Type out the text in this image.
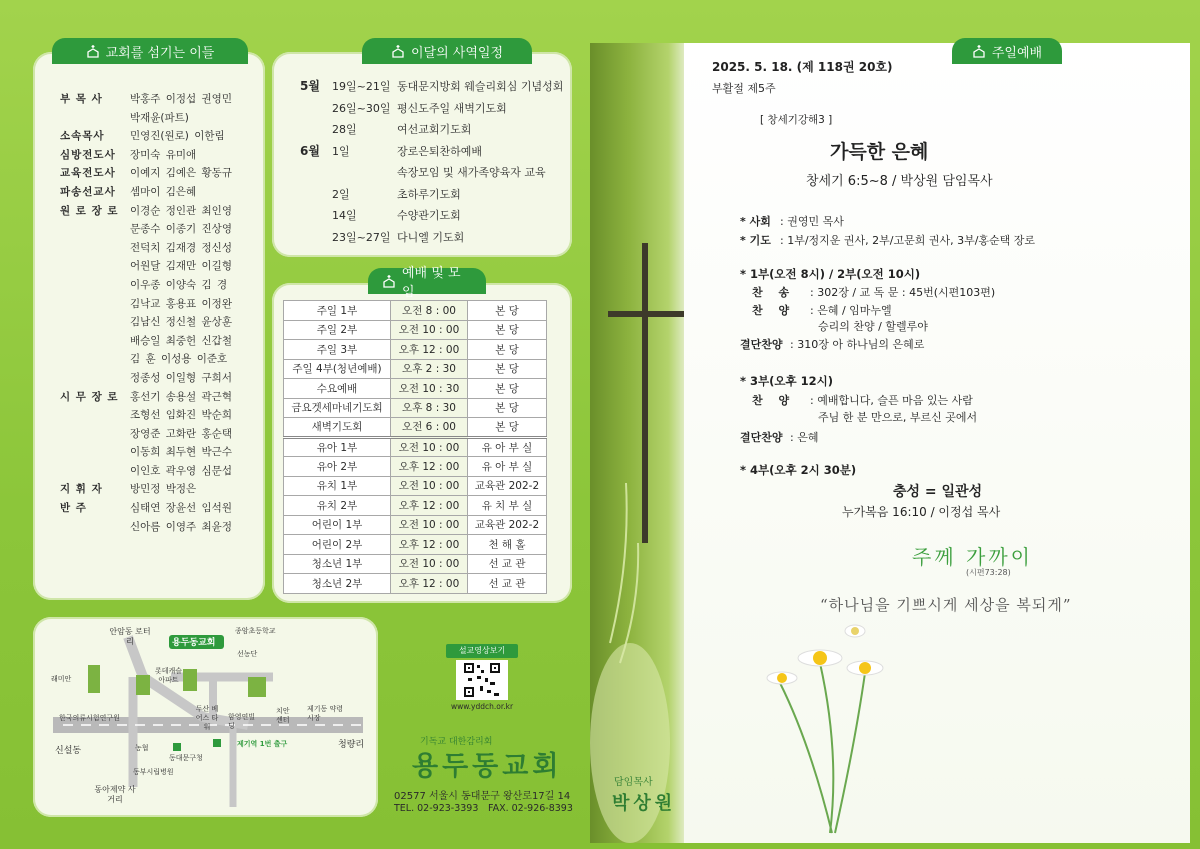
교회를 섬기는 이들
부 목 사	박홍주 이정섭 권영민
박재윤(파트)
소속목사	민영진(원로) 이한림
심방전도사	장미숙 유미애
교육전도사	이예지 김예은 황동규
파송선교사	셈마이 김은혜
원 로 장 로	이경순 정인관 최인영
문종수 이종기 진상영
전덕치 김재경 정신성
어원달 김재만 이길형
이우종 이양숙 김 경
김낙교 홍용표 이정완
김남신 정신철 윤상훈
배승일 최중헌 신갑철
김 훈 이성용 이준호
정종성 이일형 구희서
시 무 장 로	홍선기 송용설 곽근혁
조형선 임화진 박순희
장영준 고화란 홍순택
이동희 최두현 박근수
이인호 곽우영 심문섭
지 휘 자	방민정 박정은
반 주	심태연 장윤선 임석원
신아름 이영주 최윤정
이달의 사역일정
5월 19일~21일 동대문지방회 웨슬리회심 기념성회
26일~30일 평신도주일 새벽기도회
28일	여선교회기도회
6월 1일	장로은퇴찬하예배
속장모임 및 새가족양육자 교육
2일	초하루기도회
14일	수양관기도회
23일~27일 다니엘 기도회
예배 및 모임
주일 1부	오전 8 : 00	본 당
주일 2부	오전 10 : 00	본 당
주일 3부	오후 12 : 00	본 당
주일 4부(청년예배)	오후 2 : 30	본 당
수요예배	오전 10 : 30	본 당
금요겟세마네기도회	오후 8 : 30	본 당
새벽기도회	오전 6 : 00	본 당
유아 1부	오전 10 : 00	유 아 부 실
유아 2부	오후 12 : 00	유 아 부 실
유치 1부	오전 10 : 00	교육관 202-2
유치 2부	오후 12 : 00	유 치 부 실
어린이 1부	오전 10 : 00	교육관 202-2
어린이 2부	오후 12 : 00	천 해 홀
청소년 1부	오전 10 : 00	선 교 관
청소년 2부	오후 12 : 00	선 교 관
용두동교회
종암초등학교
안암동 로터리
선농단
래미안
롯데캐슬 아파트
한국의류시험연구원
두산 베어스 타워
함영연빌딩
치안 센터
제기동 약령시장
신설동
청량리
제기역 1번 출구
농협
동대문구청
동부시립병원
동아제약 사거리
설교영상보기
www.yddch.or.kr
기독교 대한감리회
용두동교회
02577 서울시 동대문구 왕산로17길 14
TEL. 02-923-3393 FAX. 02-926-8393
주일예배
2025. 5. 18. (제 118권 20호)
부활절 제5주
[ 창세기강해3 ]
가득한 은혜
창세기 6:5~8 / 박상원 담임목사
* 사회 : 권영민 목사
* 기도 : 1부/정지운 권사, 2부/고문희 권사, 3부/홍순택 장로
* 1부(오전 8시) / 2부(오전 10시)
찬 송 : 302장 / 교 독 문 : 45번(시편103편)
찬 양 : 은혜 / 임마누엘
승리의 찬양 / 할렐루야
결단찬양 : 310장 아 하나님의 은혜로
* 3부(오후 12시)
찬 양 : 예배합니다, 슬픈 마음 있는 사람
주님 한 분 만으로, 부르신 곳에서
결단찬양 : 은혜
* 4부(오후 2시 30분)
충성 = 일관성
누가복음 16:10 / 이정섭 목사
주께 가까이
(시편73:28)
“하나님을 기쁘시게 세상을 복되게”
담임목사
박상원
